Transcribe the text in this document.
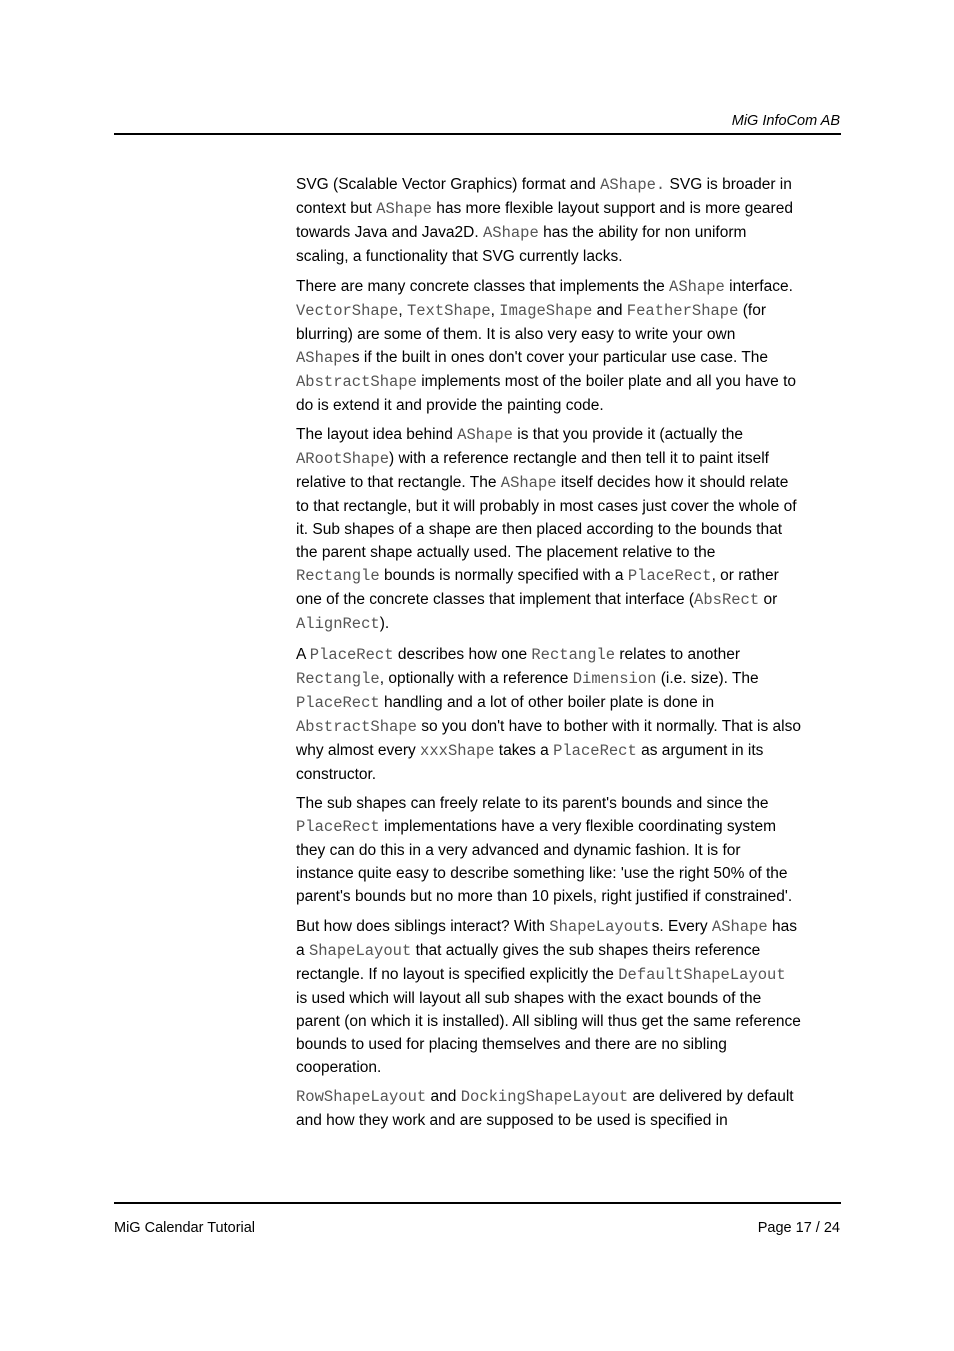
MiG InfoCom AB

SVG (Scalable Vector Graphics) format and AShape. SVG is broader in context but AShape has more flexible layout support and is more geared towards Java and Java2D. AShape has the ability for non uniform scaling, a functionality that SVG currently lacks.

There are many concrete classes that implements the AShape interface. VectorShape, TextShape, ImageShape and FeatherShape (for blurring) are some of them. It is also very easy to write your own AShapes if the built in ones don't cover your particular use case. The AbstractShape implements most of the boiler plate and all you have to do is extend it and provide the painting code.

The layout idea behind AShape is that you provide it (actually the ARootShape) with a reference rectangle and then tell it to paint itself relative to that rectangle. The AShape itself decides how it should relate to that rectangle, but it will probably in most cases just cover the whole of it. Sub shapes of a shape are then placed according to the bounds that the parent shape actually used. The placement relative to the Rectangle bounds is normally specified with a PlaceRect, or rather one of the concrete classes that implement that interface (AbsRect or AlignRect).

A PlaceRect describes how one Rectangle relates to another Rectangle, optionally with a reference Dimension (i.e. size). The PlaceRect handling and a lot of other boiler plate is done in AbstractShape so you don't have to bother with it normally. That is also why almost every xxxShape takes a PlaceRect as argument in its constructor.

The sub shapes can freely relate to its parent's bounds and since the PlaceRect implementations have a very flexible coordinating system they can do this in a very advanced and dynamic fashion. It is for instance quite easy to describe something like: 'use the right 50% of the parent's bounds but no more than 10 pixels, right justified if constrained'.

But how does siblings interact? With ShapeLayouts. Every AShape has a ShapeLayout that actually gives the sub shapes theirs reference rectangle. If no layout is specified explicitly the DefaultShapeLayout is used which will layout all sub shapes with the exact bounds of the parent (on which it is installed). All sibling will thus get the same reference bounds to used for placing themselves and there are no sibling cooperation.

RowShapeLayout and DockingShapeLayout are delivered by default and how they work and are supposed to be used is specified in

MiG Calendar Tutorial	Page 17 / 24
